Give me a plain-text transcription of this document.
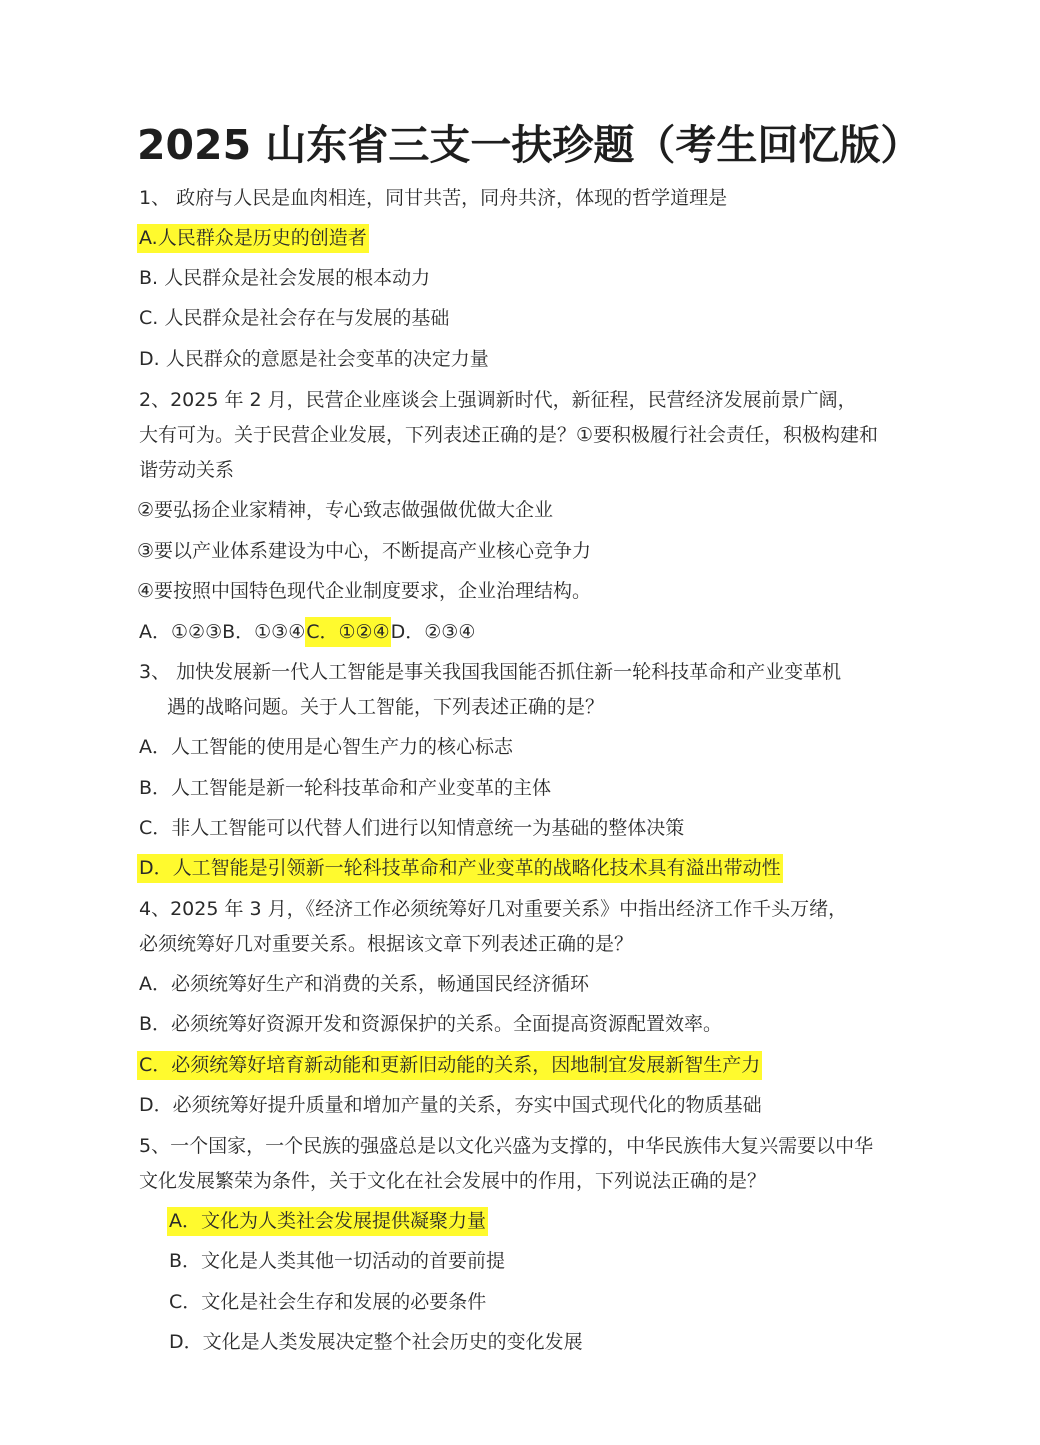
2025 山东省三支一扶珍题（考生回忆版）
1、 政府与人民是血肉相连，同甘共苦，同舟共济，体现的哲学道理是
A.人民群众是历史的创造者
B. 人民群众是社会发展的根本动力
C. 人民群众是社会存在与发展的基础
D. 人民群众的意愿是社会变革的决定力量
2、2025 年 2 月，民营企业座谈会上强调新时代，新征程，民营经济发展前景广阔，
大有可为。关于民营企业发展，下列表述正确的是？①要积极履行社会责任，积极构建和
谐劳动关系
②要弘扬企业家精神，专心致志做强做优做大企业
③要以产业体系建设为中心，不断提高产业核心竞争力
④要按照中国特色现代企业制度要求，企业治理结构。
A．①②③B．①③④C．①②④D．②③④
3、 加快发展新一代人工智能是事关我国我国能否抓住新一轮科技革命和产业变革机
遇的战略问题。关于人工智能，下列表述正确的是？
A．人工智能的使用是心智生产力的核心标志
B．人工智能是新一轮科技革命和产业变革的主体
C．非人工智能可以代替人们进行以知情意统一为基础的整体决策
D．人工智能是引领新一轮科技革命和产业变革的战略化技术具有溢出带动性
4、2025 年 3 月，《经济工作必须统筹好几对重要关系》中指出经济工作千头万绪，
必须统筹好几对重要关系。根据该文章下列表述正确的是？
A．必须统筹好生产和消费的关系，畅通国民经济循环
B．必须统筹好资源开发和资源保护的关系。全面提高资源配置效率。
C．必须统筹好培育新动能和更新旧动能的关系，因地制宜发展新智生产力
D．必须统筹好提升质量和增加产量的关系，夯实中国式现代化的物质基础
5、一个国家，一个民族的强盛总是以文化兴盛为支撑的，中华民族伟大复兴需要以中华
文化发展繁荣为条件，关于文化在社会发展中的作用，下列说法正确的是？
A．文化为人类社会发展提供凝聚力量
B．文化是人类其他一切活动的首要前提
C．文化是社会生存和发展的必要条件
D．文化是人类发展决定整个社会历史的变化发展
